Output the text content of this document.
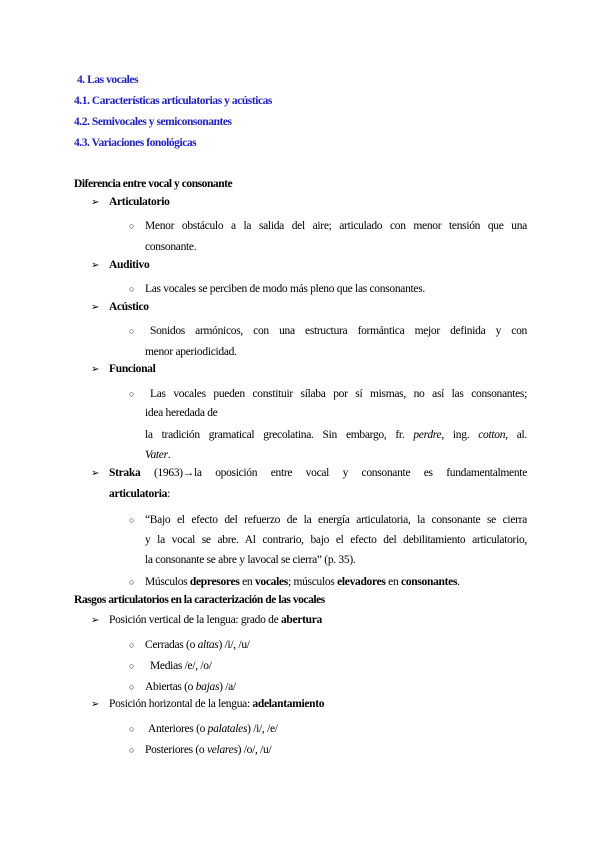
4. Las vocales
4.1. Características articulatorias y acústicas
4.2. Semivocales y semiconsonantes
4.3. Variaciones fonológicas
Diferencia entre vocal y consonante
➢ Articulatorio
○ Menor obstáculo a la salida del aire; articulado con menor tensión que una
consonante.
➢ Auditivo
○ Las vocales se perciben de modo más pleno que las consonantes.
➢ Acústico
○	Sonidos armónicos, con una estructura formántica mejor definida y con
menor aperiodicidad.
➢ Funcional
○	Las vocales pueden constituir sílaba por sí mismas, no así las consonantes;
idea heredada de
la tradición gramatical grecolatina. Sin embargo, fr. perdre, ing. cotton, al.
Vater.
➢ Straka (1963)→la oposición entre vocal y consonante es fundamentalmente
articulatoria:
○ “Bajo el efecto del refuerzo de la energía articulatoria, la consonante se cierra
y la vocal se abre. Al contrario, bajo el efecto del debilitamiento articulatorio,
la consonante se abre y lavocal se cierra” (p. 35).
○ Músculos depresores en vocales; músculos elevadores en consonantes.
Rasgos articulatorios en la caracterización de las vocales
➢ Posición vertical de la lengua: grado de abertura
○ Cerradas (o altas) /i/, /u/
○	Medias /e/, /o/
○ Abiertas (o bajas) /a/
➢ Posición horizontal de la lengua: adelantamiento
○ Anteriores (o palatales) /i/, /e/
○ Posteriores (o velares) /o/, /u/
